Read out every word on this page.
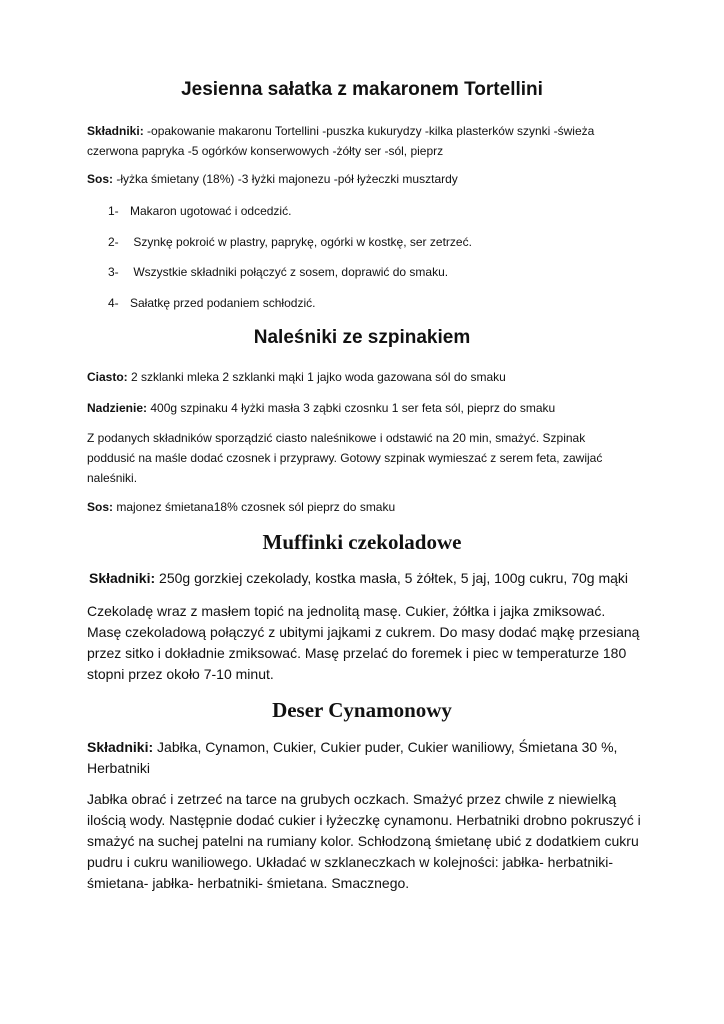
Jesienna sałatka z makaronem Tortellini

Składniki: -opakowanie makaronu Tortellini -puszka kukurydzy -kilka plasterków szynki -świeża czerwona papryka -5 ogórków konserwowych -żółty ser -sól, pieprz

Sos: -łyżka śmietany (18%) -3 łyżki majonezu -pół łyżeczki musztardy

1- Makaron ugotować i odcedzić.

2- Szynkę pokroić w plastry, paprykę, ogórki w kostkę, ser zetrzeć.

3- Wszystkie składniki połączyć z sosem, doprawić do smaku.

4- Sałatkę przed podaniem schłodzić.

Naleśniki ze szpinakiem

Ciasto: 2 szklanki mleka 2 szklanki mąki 1 jajko woda gazowana sól do smaku

Nadzienie: 400g szpinaku 4 łyżki masła 3 ząbki czosnku 1 ser feta sól, pieprz do smaku

Z podanych składników sporządzić ciasto naleśnikowe i odstawić na 20 min, smażyć. Szpinak poddusić na maśle dodać czosnek i przyprawy. Gotowy szpinak wymieszać z serem feta, zawijać naleśniki.

Sos: majonez śmietana18% czosnek sól pieprz do smaku

Muffinki czekoladowe

Składniki: 250g gorzkiej czekolady, kostka masła, 5 żółtek, 5 jaj, 100g cukru, 70g mąki

Czekoladę wraz z masłem topić na jednolitą masę. Cukier, żółtka i jajka zmiksować. Masę czekoladową połączyć z ubitymi jajkami z cukrem. Do masy dodać mąkę przesianą przez sitko i dokładnie zmiksować. Masę przelać do foremek i piec w temperaturze 180 stopni przez około 7-10 minut.

Deser Cynamonowy

Składniki: Jabłka, Cynamon, Cukier, Cukier puder, Cukier waniliowy, Śmietana 30 %, Herbatniki

Jabłka obrać i zetrzeć na tarce na grubych oczkach. Smażyć przez chwile z niewielką ilością wody. Następnie dodać cukier i łyżeczkę cynamonu. Herbatniki drobno pokruszyć i smażyć na suchej patelni na rumiany kolor. Schłodzoną śmietanę ubić z dodatkiem cukru pudru i cukru waniliowego. Układać w szklaneczkach w kolejności: jabłka- herbatniki- śmietana- jabłka- herbatniki- śmietana. Smacznego.
